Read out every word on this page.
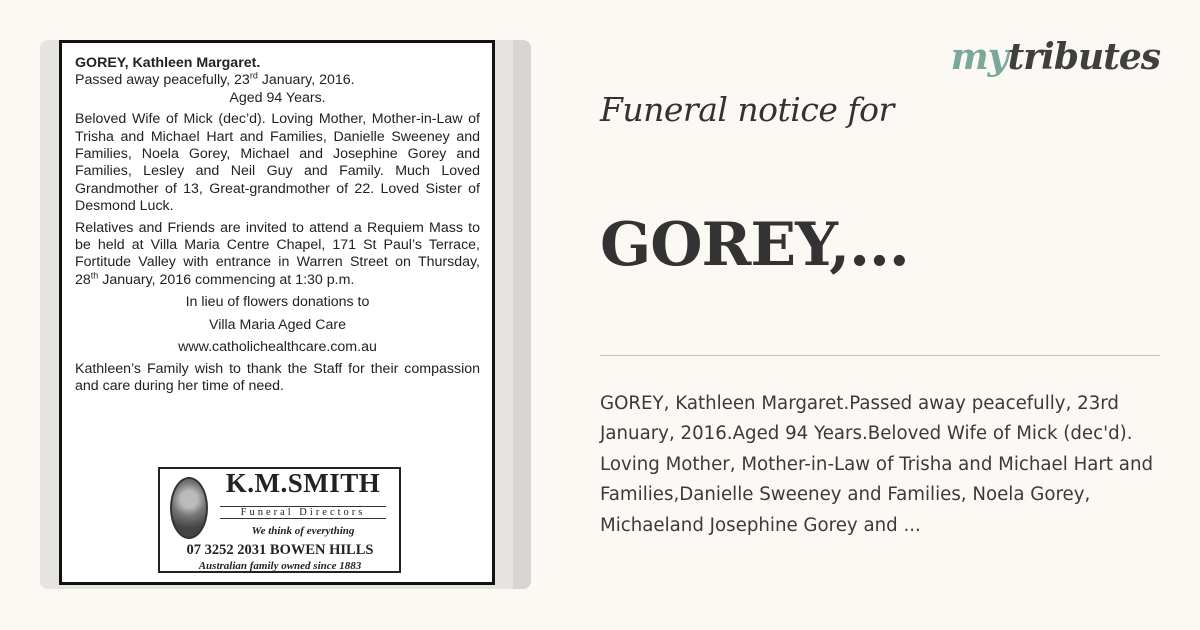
GOREY, Kathleen Margaret.

Passed away peacefully, 23rd January, 2016.

Aged 94 Years.

Beloved Wife of Mick (dec’d). Loving Mother, Mother-in-Law of Trisha and Michael Hart and Families, Danielle Sweeney and Families, Noela Gorey, Michael and Josephine Gorey and Families, Lesley and Neil Guy and Family. Much Loved Grandmother of 13, Great-grandmother of 22. Loved Sister of Desmond Luck.

Relatives and Friends are invited to attend a Requiem Mass to be held at Villa Maria Centre Chapel, 171 St Paul’s Terrace, Fortitude Valley with entrance in Warren Street on Thursday, 28th January, 2016 commencing at 1:30 p.m.

In lieu of flowers donations to

Villa Maria Aged Care

www.catholichealthcare.com.au

Kathleen’s Family wish to thank the Staff for their compassion and care during her time of need.

K.M.SMITH
Funeral Directors
We think of everything
07 3252 2031 BOWEN HILLS
Australian family owned since 1883
mytributes
Funeral notice for
GOREY,...
GOREY, Kathleen Margaret.Passed away peacefully, 23rd January, 2016.Aged 94 Years.Beloved Wife of Mick (dec'd). Loving Mother, Mother-in-Law of Trisha and Michael Hart and Families,Danielle Sweeney and Families, Noela Gorey, Michaeland Josephine Gorey and ...
